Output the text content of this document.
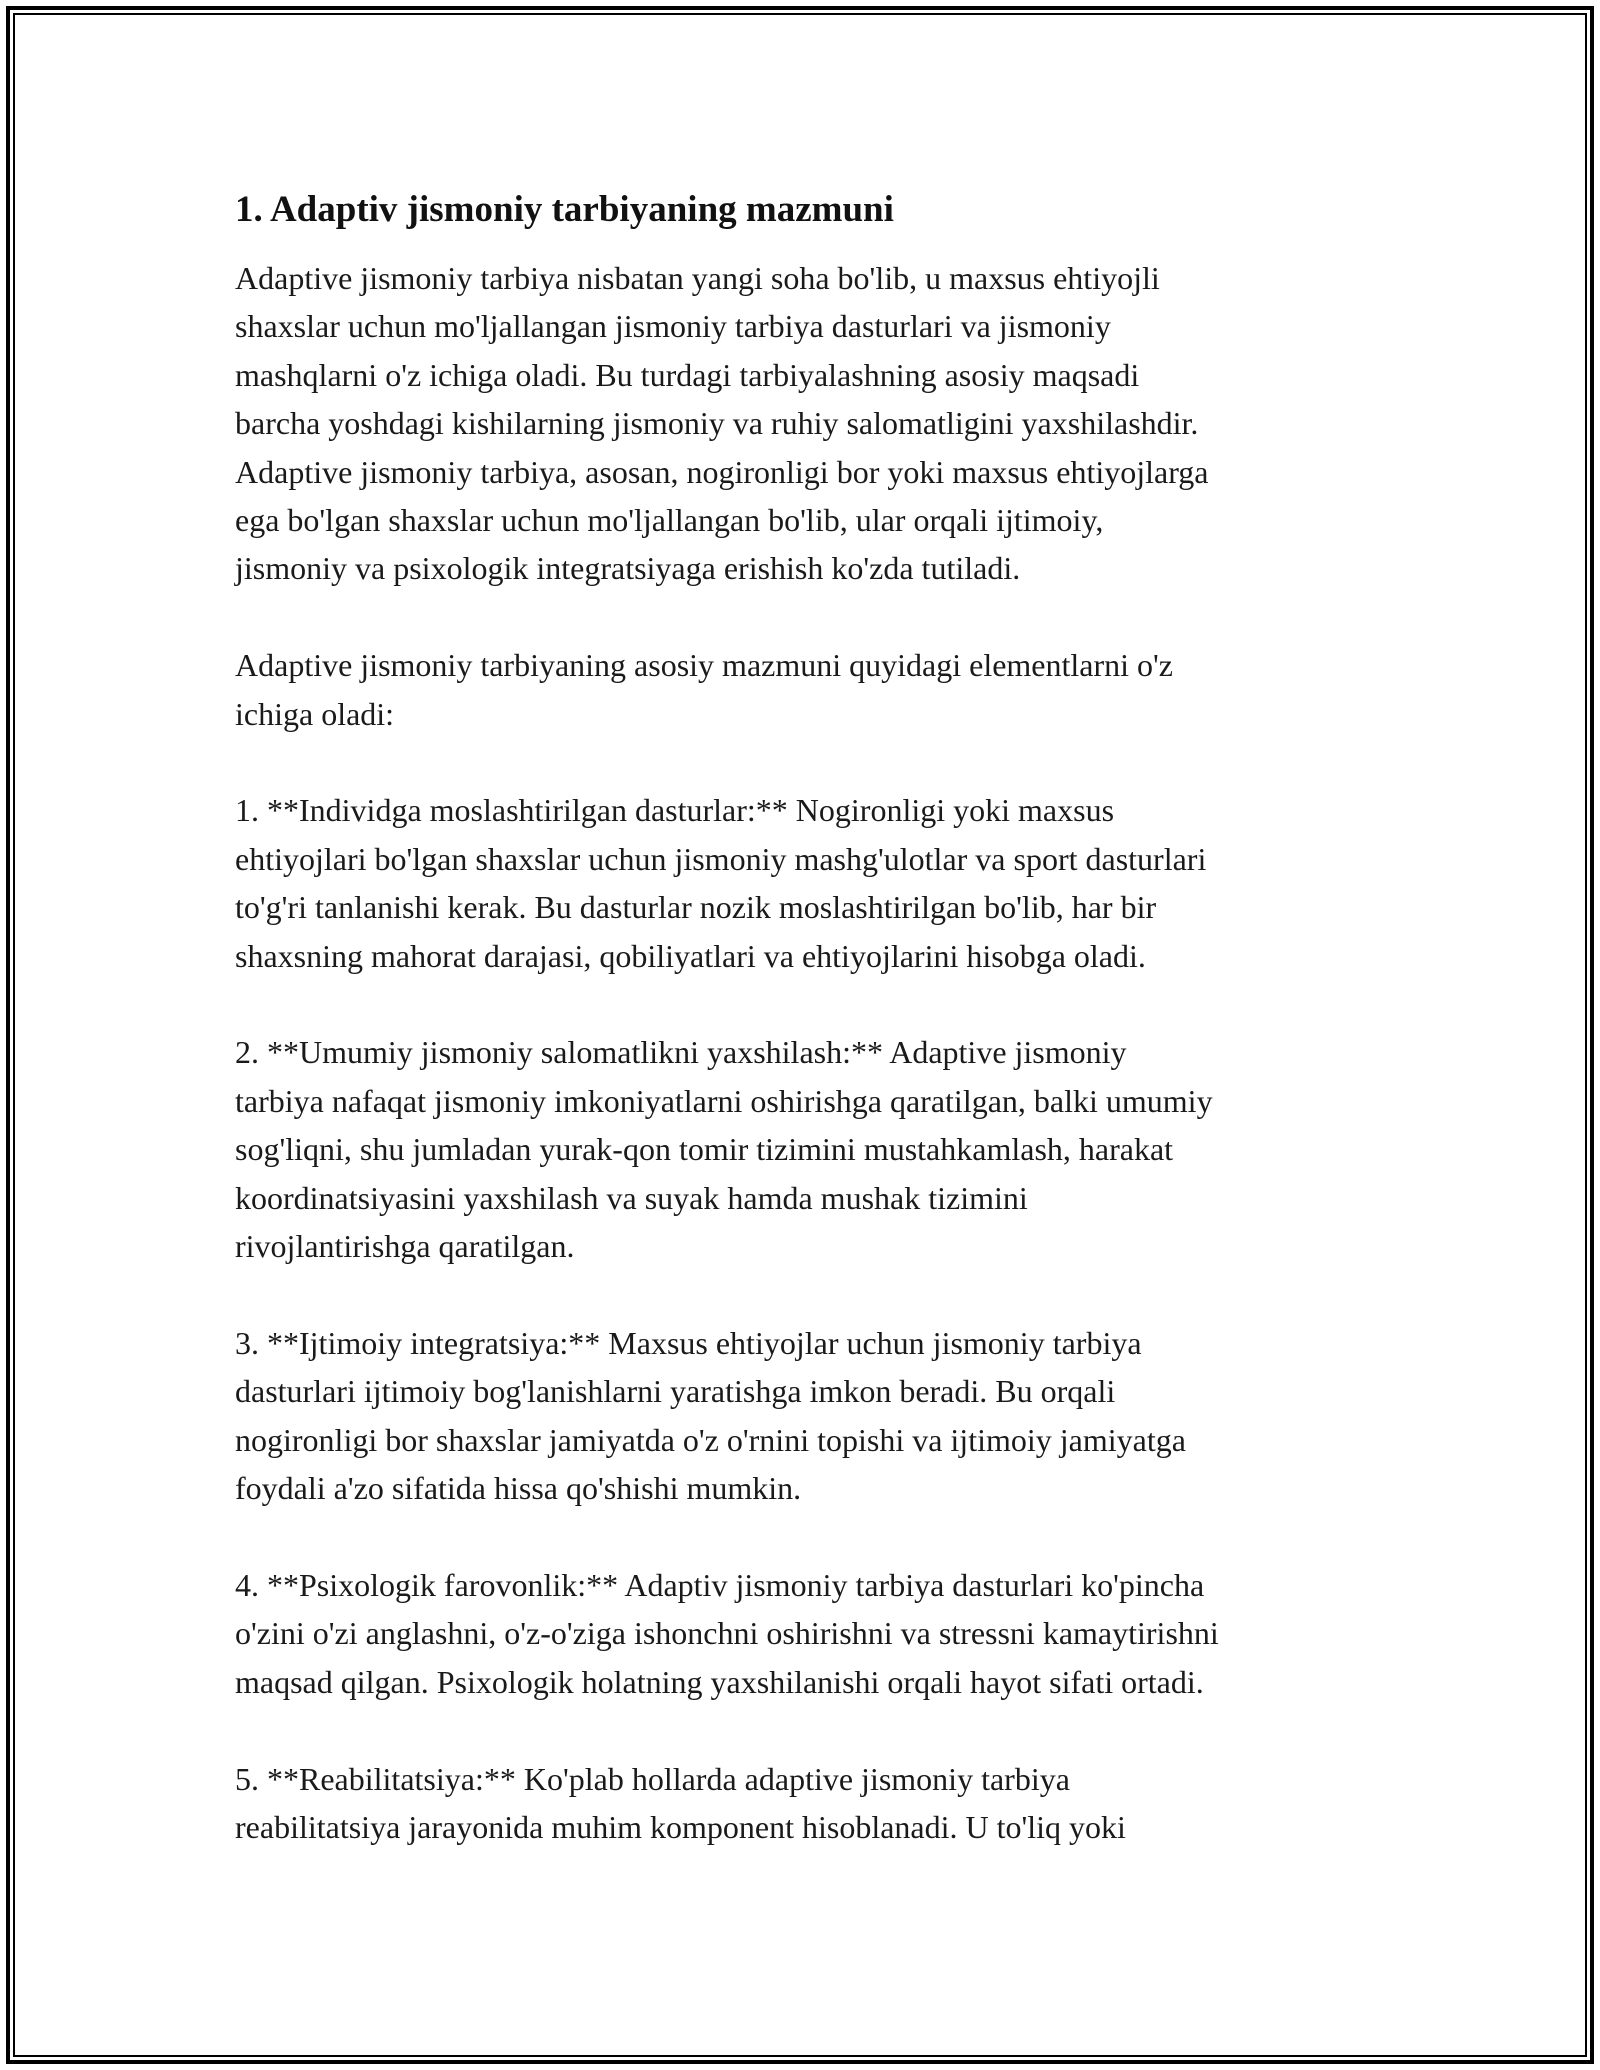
1. Adaptiv jismoniy tarbiyaning mazmuni
Adaptive jismoniy tarbiya nisbatan yangi soha bo'lib, u maxsus ehtiyojli
shaxslar uchun mo'ljallangan jismoniy tarbiya dasturlari va jismoniy
mashqlarni o'z ichiga oladi. Bu turdagi tarbiyalashning asosiy maqsadi
barcha yoshdagi kishilarning jismoniy va ruhiy salomatligini yaxshilashdir.
Adaptive jismoniy tarbiya, asosan, nogironligi bor yoki maxsus ehtiyojlarga
ega bo'lgan shaxslar uchun mo'ljallangan bo'lib, ular orqali ijtimoiy,
jismoniy va psixologik integratsiyaga erishish ko'zda tutiladi.
Adaptive jismoniy tarbiyaning asosiy mazmuni quyidagi elementlarni o'z
ichiga oladi:
1. **Individga moslashtirilgan dasturlar:** Nogironligi yoki maxsus
ehtiyojlari bo'lgan shaxslar uchun jismoniy mashg'ulotlar va sport dasturlari
to'g'ri tanlanishi kerak. Bu dasturlar nozik moslashtirilgan bo'lib, har bir
shaxsning mahorat darajasi, qobiliyatlari va ehtiyojlarini hisobga oladi.
2. **Umumiy jismoniy salomatlikni yaxshilash:** Adaptive jismoniy
tarbiya nafaqat jismoniy imkoniyatlarni oshirishga qaratilgan, balki umumiy
sog'liqni, shu jumladan yurak-qon tomir tizimini mustahkamlash, harakat
koordinatsiyasini yaxshilash va suyak hamda mushak tizimini
rivojlantirishga qaratilgan.
3. **Ijtimoiy integratsiya:** Maxsus ehtiyojlar uchun jismoniy tarbiya
dasturlari ijtimoiy bog'lanishlarni yaratishga imkon beradi. Bu orqali
nogironligi bor shaxslar jamiyatda o'z o'rnini topishi va ijtimoiy jamiyatga
foydali a'zo sifatida hissa qo'shishi mumkin.
4. **Psixologik farovonlik:** Adaptiv jismoniy tarbiya dasturlari ko'pincha
o'zini o'zi anglashni, o'z-o'ziga ishonchni oshirishni va stressni kamaytirishni
maqsad qilgan. Psixologik holatning yaxshilanishi orqali hayot sifati ortadi.
5. **Reabilitatsiya:** Ko'plab hollarda adaptive jismoniy tarbiya
reabilitatsiya jarayonida muhim komponent hisoblanadi. U to'liq yoki
